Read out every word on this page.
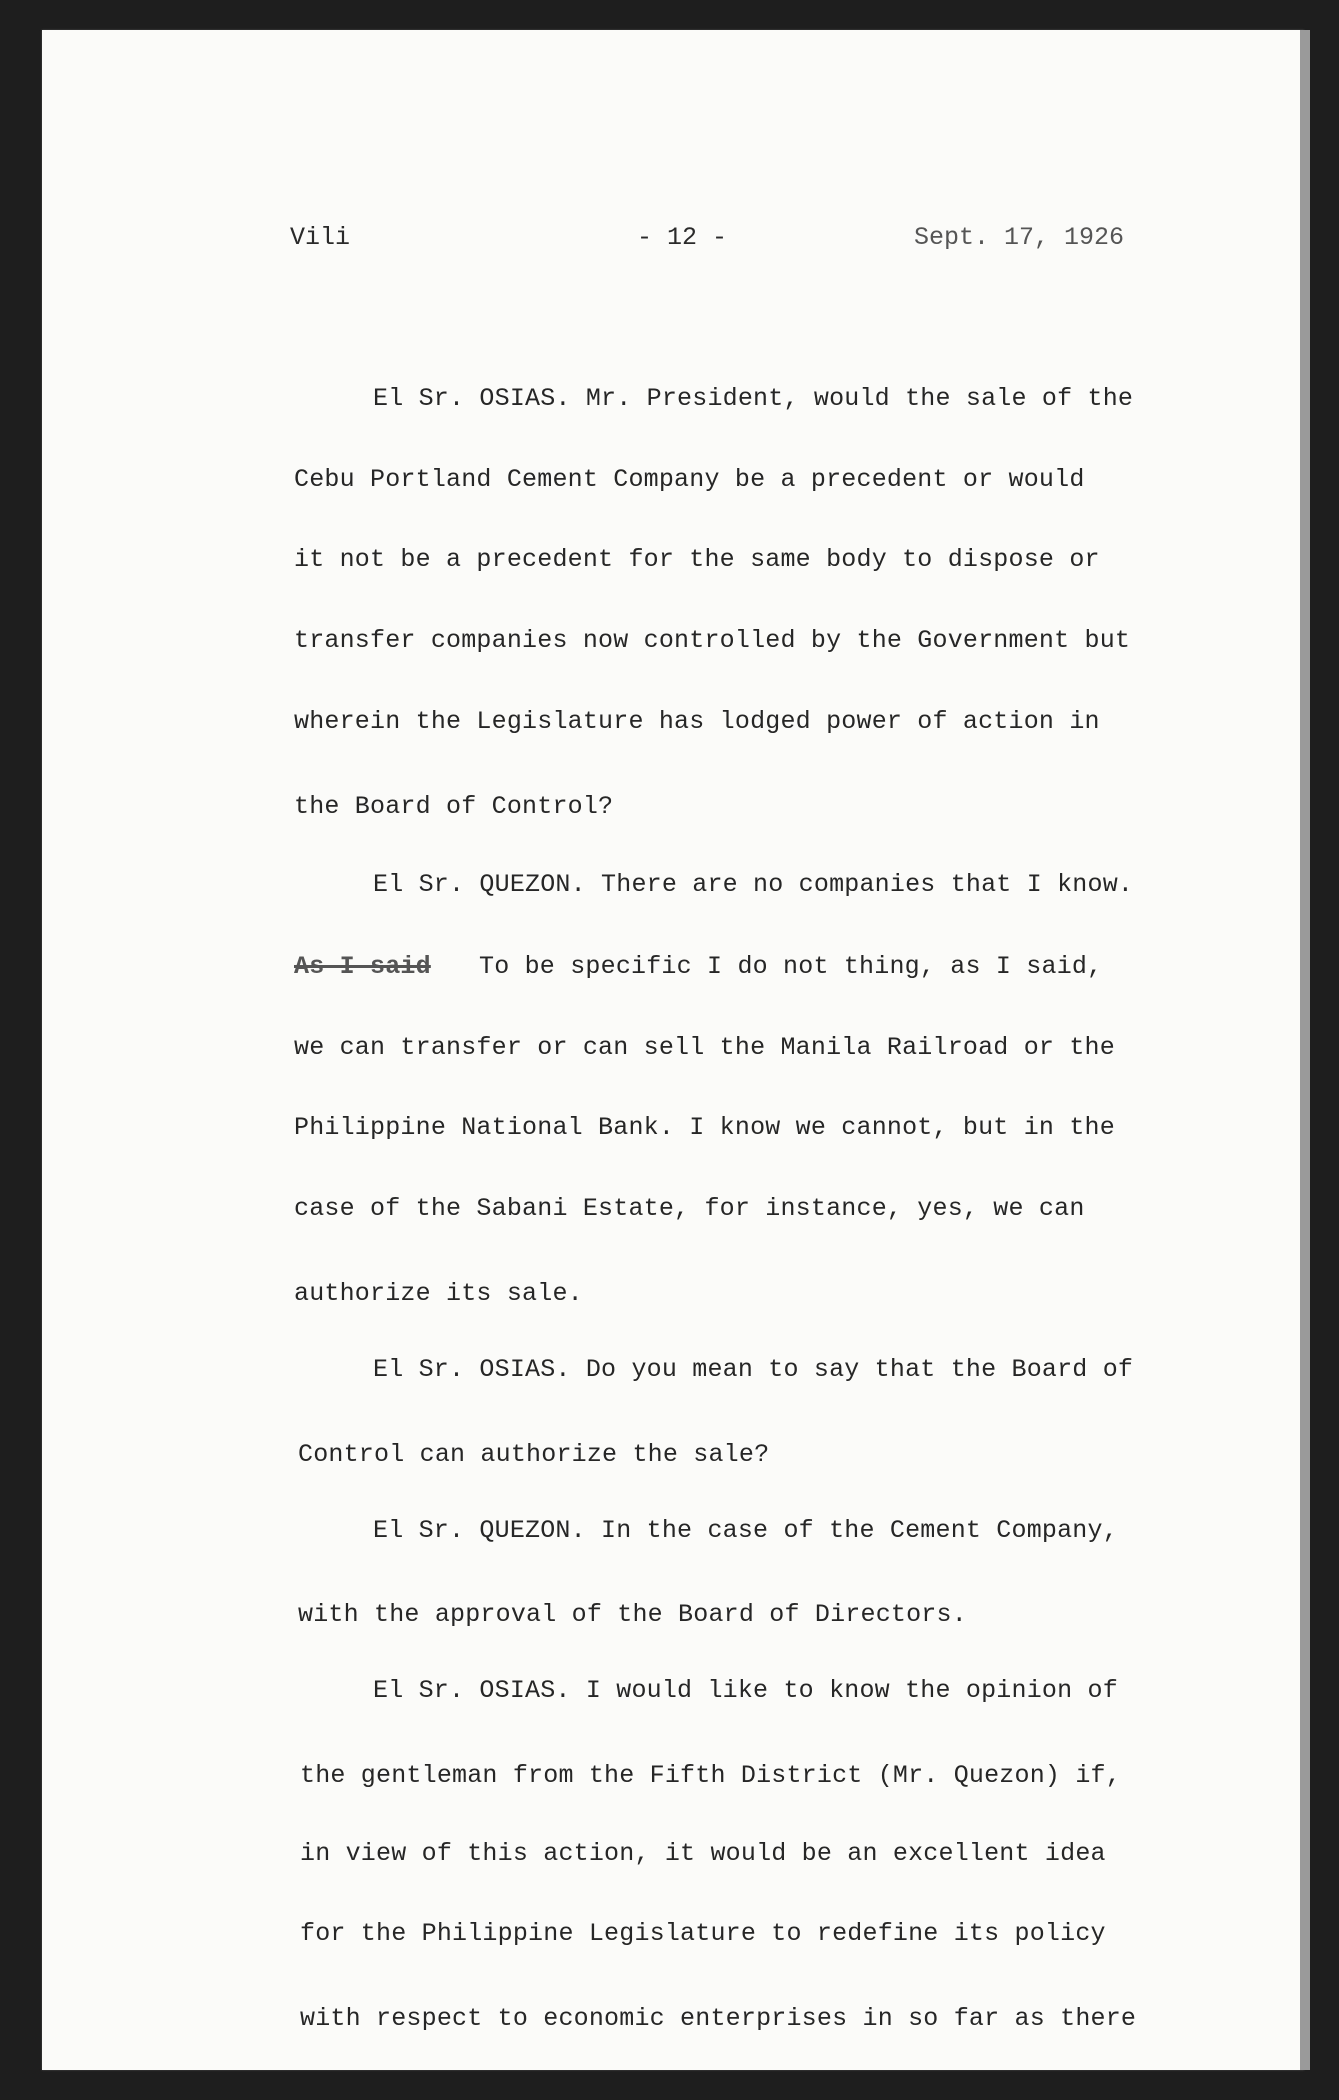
Vili	- 12 -	Sept. 17, 1926
El Sr. OSIAS. Mr. President, would the sale of the
Cebu Portland Cement Company be a precedent or would
it not be a precedent for the same body to dispose or
transfer companies now controlled by the Government but
wherein the Legislature has lodged power of action in
the Board of Control?
El Sr. QUEZON. There are no companies that I know.
As I said To be specific I do not thing, as I said,
we can transfer or can sell the Manila Railroad or the
Philippine National Bank. I know we cannot, but in the
case of the Sabani Estate, for instance, yes, we can
authorize its sale.
El Sr. OSIAS. Do you mean to say that the Board of
Control can authorize the sale?
El Sr. QUEZON. In the case of the Cement Company,
with the approval of the Board of Directors.
El Sr. OSIAS. I would like to know the opinion of
the gentleman from the Fifth District (Mr. Quezon) if,
in view of this action, it would be an excellent idea
for the Philippine Legislature to redefine its policy
with respect to economic enterprises in so far as there
